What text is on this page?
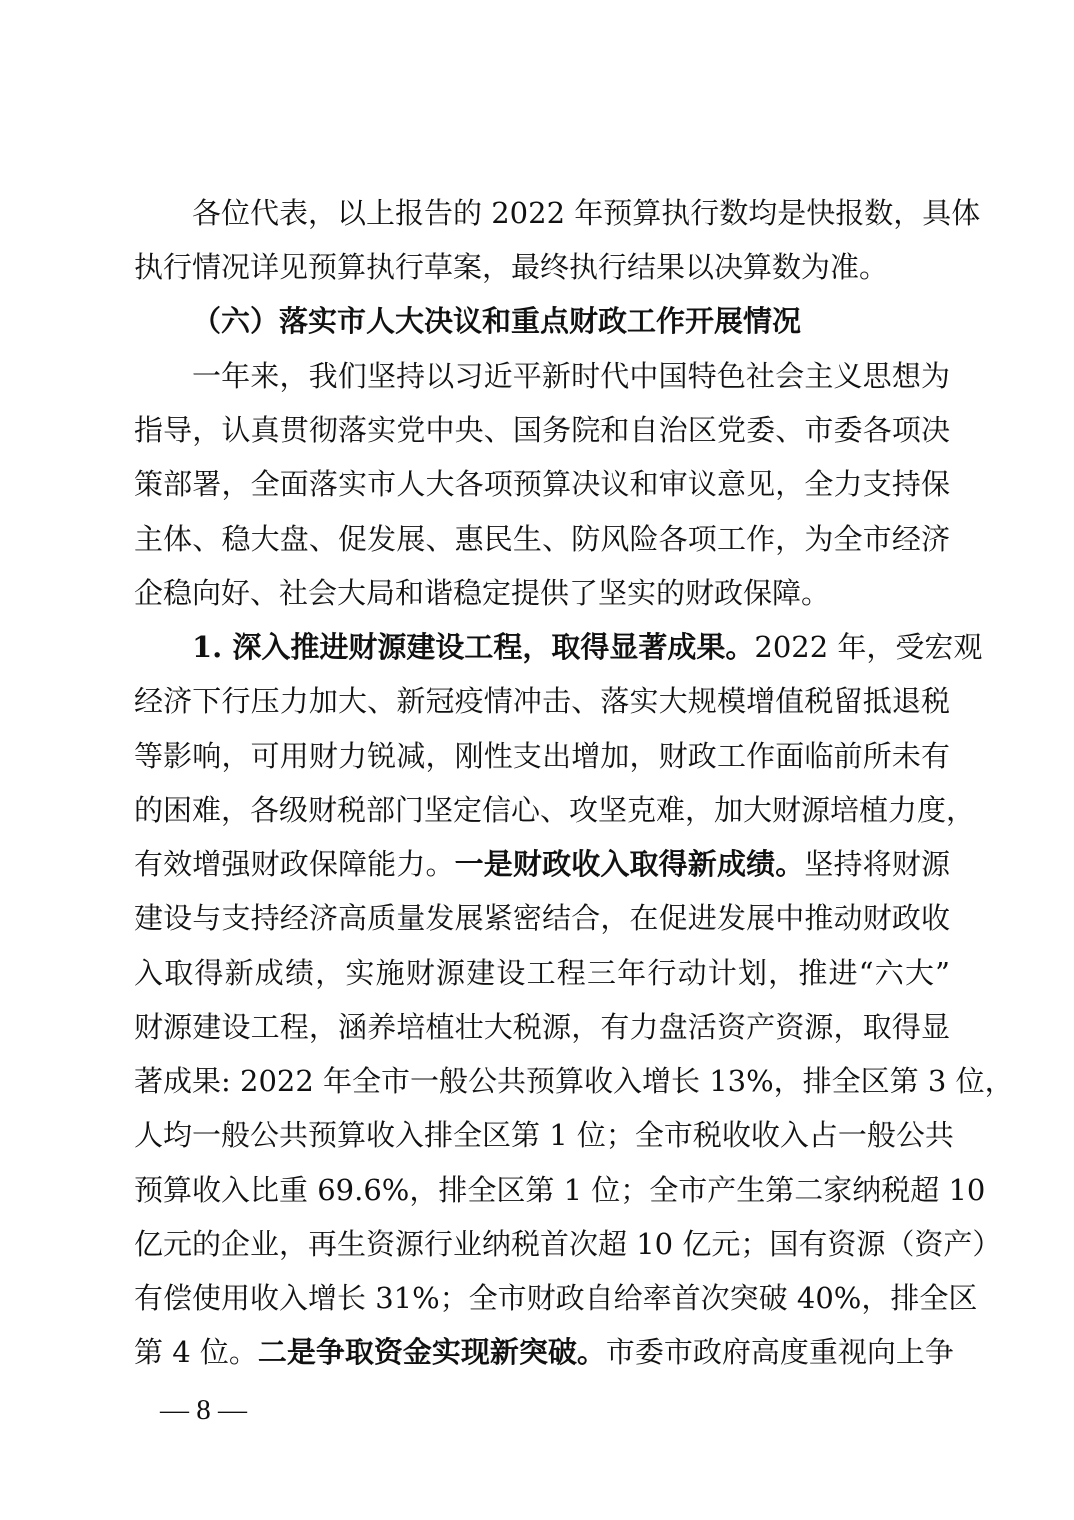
各位代表，以上报告的 2022 年预算执行数均是快报数，具体
执行情况详见预算执行草案，最终执行结果以决算数为准。
（六）落实市人大决议和重点财政工作开展情况
一年来，我们坚持以习近平新时代中国特色社会主义思想为
指导，认真贯彻落实党中央、国务院和自治区党委、市委各项决
策部署，全面落实市人大各项预算决议和审议意见，全力支持保
主体、稳大盘、促发展、惠民生、防风险各项工作，为全市经济
企稳向好、社会大局和谐稳定提供了坚实的财政保障。
1. 深入推进财源建设工程，取得显著成果。2022 年，受宏观
经济下行压力加大、新冠疫情冲击、落实大规模增值税留抵退税
等影响，可用财力锐减，刚性支出增加，财政工作面临前所未有
的困难，各级财税部门坚定信心、攻坚克难，加大财源培植力度，
有效增强财政保障能力。一是财政收入取得新成绩。坚持将财源
建设与支持经济高质量发展紧密结合，在促进发展中推动财政收
入取得新成绩，实施财源建设工程三年行动计划，推进“六大”
财源建设工程，涵养培植壮大税源，有力盘活资产资源，取得显
著成果: 2022 年全市一般公共预算收入增长 13%，排全区第 3 位，
人均一般公共预算收入排全区第 1 位；全市税收收入占一般公共
预算收入比重 69.6%，排全区第 1 位；全市产生第二家纳税超 10
亿元的企业，再生资源行业纳税首次超 10 亿元；国有资源（资产）
有偿使用收入增长 31%；全市财政自给率首次突破 40%，排全区
第 4 位。二是争取资金实现新突破。市委市政府高度重视向上争
— 8 —
